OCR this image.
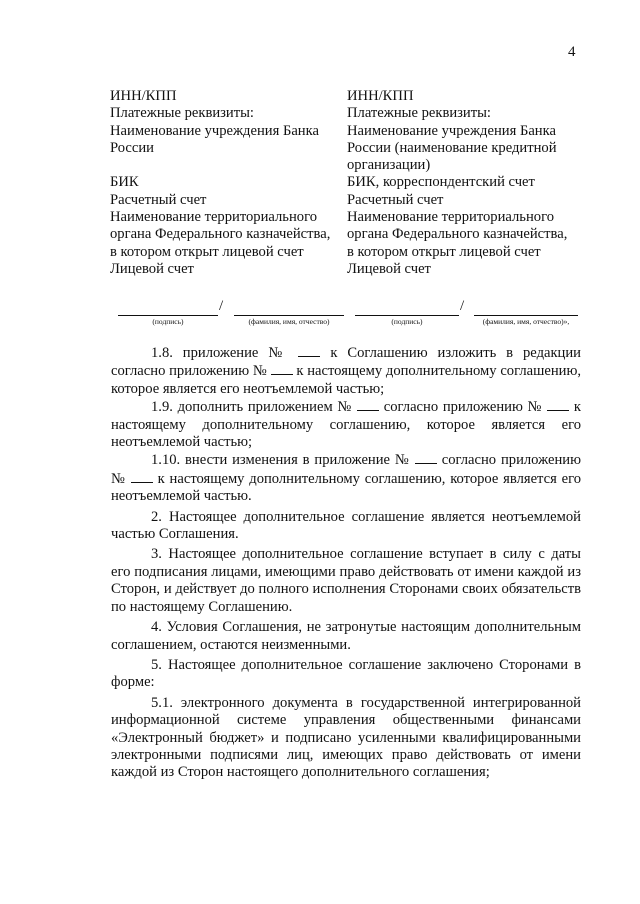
4
ИНН/КПП
Платежные реквизиты:
Наименование учреждения Банка
России

БИК
Расчетный счет
Наименование территориального
органа Федерального казначейства,
в котором открыт лицевой счет
Лицевой счет
ИНН/КПП
Платежные реквизиты:
Наименование учреждения Банка
России (наименование кредитной
организации)
БИК, корреспондентский счет
Расчетный счет
Наименование территориального
органа Федерального казначейства,
в котором открыт лицевой счет
Лицевой счет
(подпись)
/
(фамилия, имя, отчество)	(подпись)
/
(фамилия, имя, отчество)»,

1.8. приложение №	к Соглашению изложить в редакции согласно приложению № к настоящему дополнительному соглашению, которое является его неотъемлемой частью;

1.9. дополнить приложением № согласно приложению № к настоящему дополнительному соглашению, которое является его неотъемлемой частью;

1.10. внести изменения в приложение № согласно приложению № к настоящему дополнительному соглашению, которое является его неотъемлемой частью.

2. Настоящее дополнительное соглашение является неотъемлемой частью Соглашения.

3. Настоящее дополнительное соглашение вступает в силу с даты его подписания лицами, имеющими право действовать от имени каждой из Сторон, и действует до полного исполнения Сторонами своих обязательств по настоящему Соглашению.

4. Условия Соглашения, не затронутые настоящим дополнительным соглашением, остаются неизменными.

5. Настоящее дополнительное соглашение заключено Сторонами в форме:

5.1. электронного документа в государственной интегрированной информационной системе управления общественными финансами «Электронный бюджет» и подписано усиленными квалифицированными электронными подписями лиц, имеющих право действовать от имени каждой из Сторон настоящего дополнительного соглашения;
